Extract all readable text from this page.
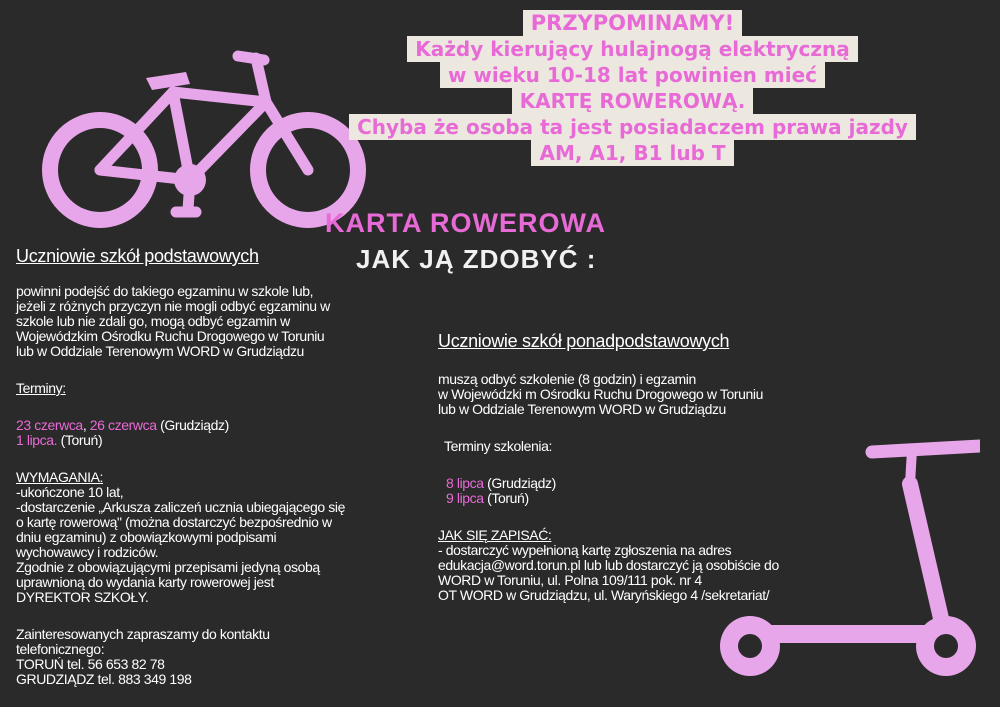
PRZYPOMINAMY!
Każdy kierujący hulajnogą elektryczną
w wieku 10-18 lat powinien mieć
KARTĘ ROWEROWĄ.
Chyba że osoba ta jest posiadaczem prawa jazdy
AM, A1, B1 lub T
KARTA ROWEROWA
JAK JĄ ZDOBYĆ :
Uczniowie szkół podstawowych

powinni podejść do takiego egzaminu w szkole lub,

jeżeli z różnych przyczyn nie mogli odbyć egzaminu w

szkole lub nie zdali go, mogą odbyć egzamin w

Wojewódzkim Ośrodku Ruchu Drogowego w Toruniu

lub w Oddziale Terenowym WORD w Grudziądzu

Terminy:

23 czerwca, 26 czerwca (Grudziądz)

1 lipca. (Toruń)

WYMAGANIA:

-ukończone 10 lat,

-dostarczenie „Arkusza zaliczeń ucznia ubiegającego się

o kartę rowerową" (można dostarczyć bezpośrednio w

dniu egzaminu) z obowiązkowymi podpisami

wychowawcy i rodziców.

Zgodnie z obowiązującymi przepisami jedyną osobą

uprawnioną do wydania karty rowerowej jest

DYREKTOR SZKOŁY.

Zainteresowanych zapraszamy do kontaktu

telefonicznego:

TORUŃ tel. 56 653 82 78

GRUDZIĄDZ tel. 883 349 198

Uczniowie szkół ponadpodstawowych

muszą odbyć szkolenie (8 godzin) i egzamin

w Wojewódzki m Ośrodku Ruchu Drogowego w Toruniu

lub w Oddziale Terenowym WORD w Grudziądzu

Terminy szkolenia:

8 lipca (Grudziądz)

9 lipca (Toruń)

JAK SIĘ ZAPISAĆ:

- dostarczyć wypełnioną kartę zgłoszenia na adres

edukacja@word.torun.pl lub lub dostarczyć ją osobiście do

WORD w Toruniu, ul. Polna 109/111 pok. nr 4

OT WORD w Grudziądzu, ul. Waryńskiego 4 /sekretariat/
